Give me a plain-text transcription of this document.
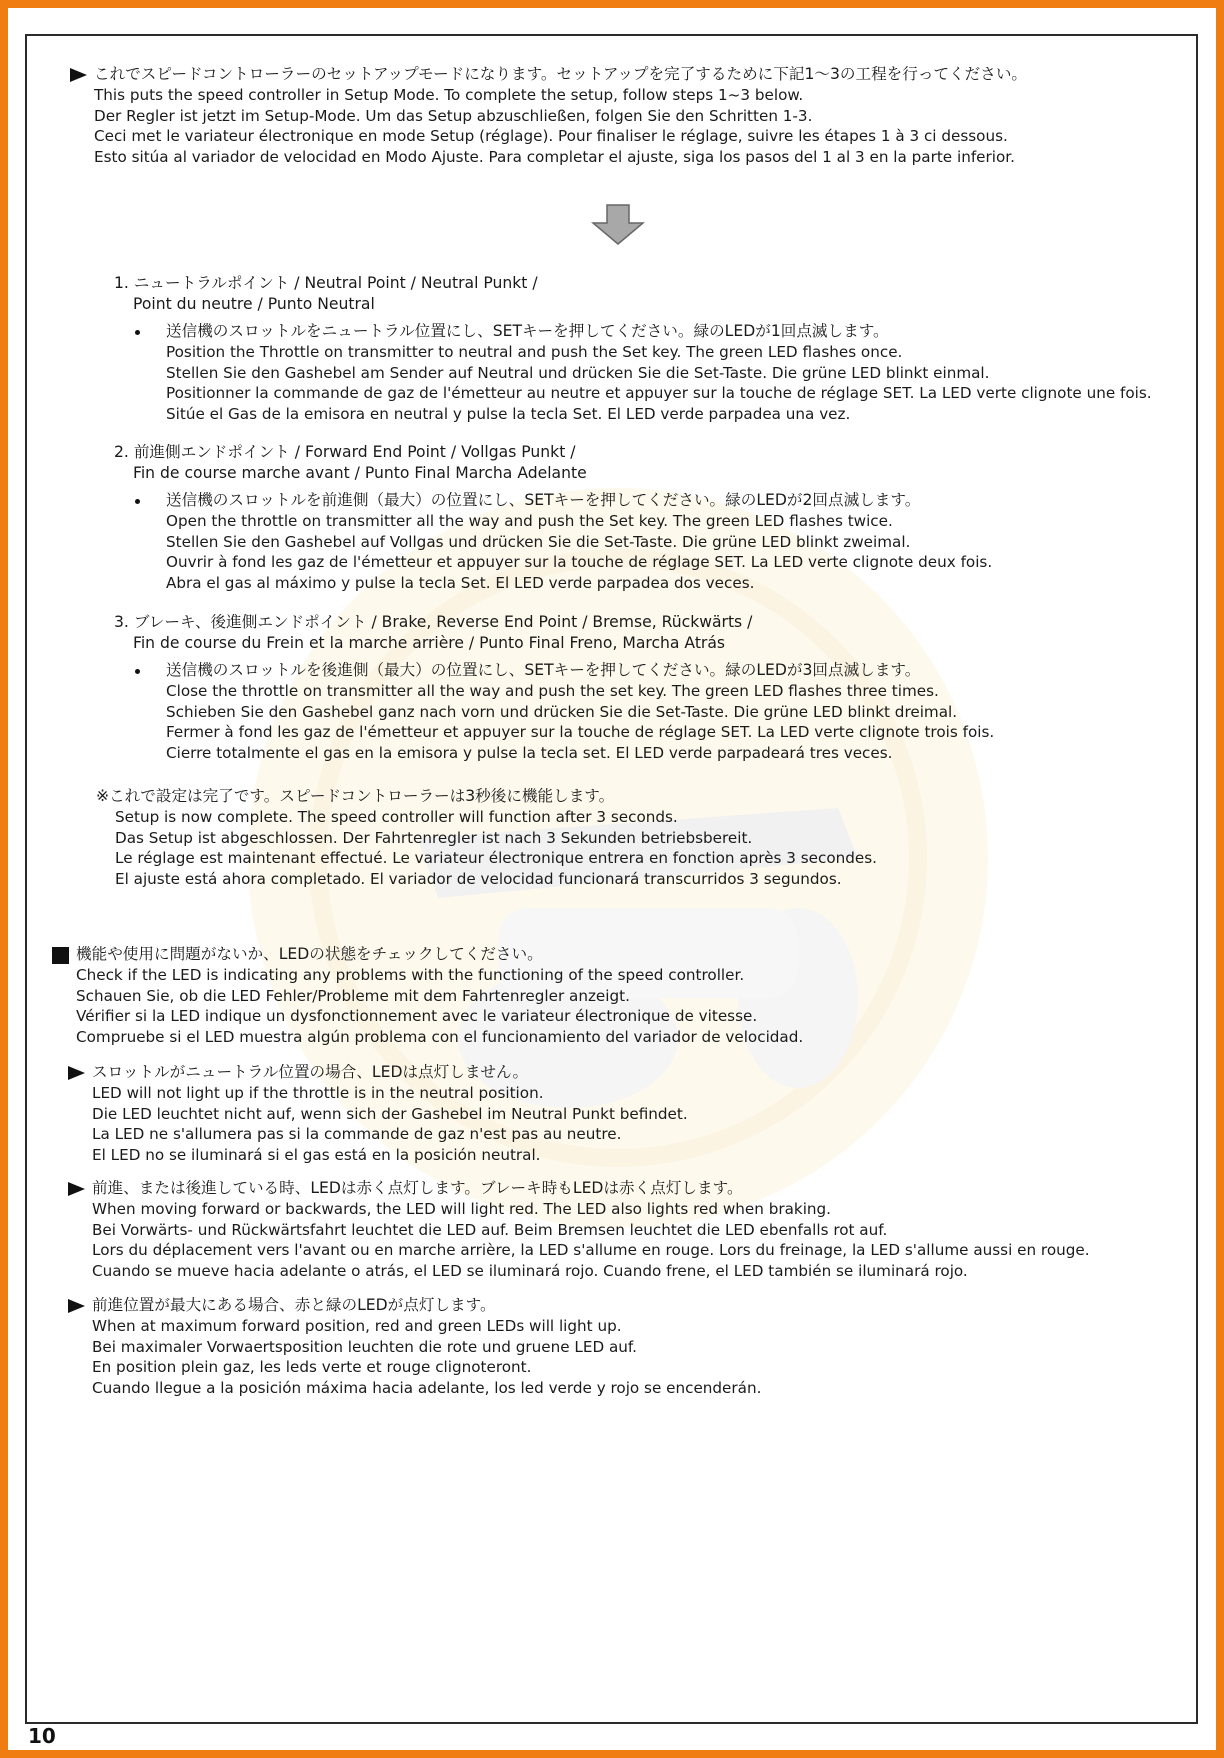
これでスピードコントローラーのセットアップモードになります。セットアップを完了するために下記1～3の工程を行ってください。
This puts the speed controller in Setup Mode. To complete the setup, follow steps 1~3 below.
Der Regler ist jetzt im Setup-Mode. Um das Setup abzuschließen, folgen Sie den Schritten 1-3.
Ceci met le variateur électronique en mode Setup (réglage). Pour finaliser le réglage, suivre les étapes 1 à 3 ci dessous.
Esto sitúa al variador de velocidad en Modo Ajuste. Para completar el ajuste, siga los pasos del 1 al 3 en la parte inferior.
1. ニュートラルポイント / Neutral Point / Neutral Punkt /
Point du neutre / Punto Neutral
送信機のスロットルをニュートラル位置にし、SETキーを押してください。緑のLEDが1回点滅します。
Position the Throttle on transmitter to neutral and push the Set key. The green LED flashes once.
Stellen Sie den Gashebel am Sender auf Neutral und drücken Sie die Set-Taste. Die grüne LED blinkt einmal.
Positionner la commande de gaz de l'émetteur au neutre et appuyer sur la touche de réglage SET. La LED verte clignote une fois.
Sitúe el Gas de la emisora en neutral y pulse la tecla Set. El LED verde parpadea una vez.
2. 前進側エンドポイント / Forward End Point / Vollgas Punkt /
Fin de course marche avant / Punto Final Marcha Adelante
送信機のスロットルを前進側（最大）の位置にし、SETキーを押してください。緑のLEDが2回点滅します。
Open the throttle on transmitter all the way and push the Set key. The green LED flashes twice.
Stellen Sie den Gashebel auf Vollgas und drücken Sie die Set-Taste. Die grüne LED blinkt zweimal.
Ouvrir à fond les gaz de l'émetteur et appuyer sur la touche de réglage SET. La LED verte clignote deux fois.
Abra el gas al máximo y pulse la tecla Set. El LED verde parpadea dos veces.
3. ブレーキ、後進側エンドポイント / Brake, Reverse End Point / Bremse, Rückwärts /
Fin de course du Frein et la marche arrière / Punto Final Freno, Marcha Atrás
送信機のスロットルを後進側（最大）の位置にし、SETキーを押してください。緑のLEDが3回点滅します。
Close the throttle on transmitter all the way and push the set key. The green LED flashes three times.
Schieben Sie den Gashebel ganz nach vorn und drücken Sie die Set-Taste. Die grüne LED blinkt dreimal.
Fermer à fond les gaz de l'émetteur et appuyer sur la touche de réglage SET. La LED verte clignote trois fois.
Cierre totalmente el gas en la emisora y pulse la tecla set. El LED verde parpadeará tres veces.
※これで設定は完了です。スピードコントローラーは3秒後に機能します。
Setup is now complete. The speed controller will function after 3 seconds.
Das Setup ist abgeschlossen. Der Fahrtenregler ist nach 3 Sekunden betriebsbereit.
Le réglage est maintenant effectué. Le variateur électronique entrera en fonction après 3 secondes.
El ajuste está ahora completado. El variador de velocidad funcionará transcurridos 3 segundos.
機能や使用に問題がないか、LEDの状態をチェックしてください。
Check if the LED is indicating any problems with the functioning of the speed controller.
Schauen Sie, ob die LED Fehler/Probleme mit dem Fahrtenregler anzeigt.
Vérifier si la LED indique un dysfonctionnement avec le variateur électronique de vitesse.
Compruebe si el LED muestra algún problema con el funcionamiento del variador de velocidad.
スロットルがニュートラル位置の場合、LEDは点灯しません。
LED will not light up if the throttle is in the neutral position.
Die LED leuchtet nicht auf, wenn sich der Gashebel im Neutral Punkt befindet.
La LED ne s'allumera pas si la commande de gaz n'est pas au neutre.
El LED no se iluminará si el gas está en la posición neutral.
前進、または後進している時、LEDは赤く点灯します。ブレーキ時もLEDは赤く点灯します。
When moving forward or backwards, the LED will light red. The LED also lights red when braking.
Bei Vorwärts- und Rückwärtsfahrt leuchtet die LED auf. Beim Bremsen leuchtet die LED ebenfalls rot auf.
Lors du déplacement vers l'avant ou en marche arrière, la LED s'allume en rouge. Lors du freinage, la LED s'allume aussi en rouge.
Cuando se mueve hacia adelante o atrás, el LED se iluminará rojo. Cuando frene, el LED también se iluminará rojo.
前進位置が最大にある場合、赤と緑のLEDが点灯します。
When at maximum forward position, red and green LEDs will light up.
Bei maximaler Vorwaertsposition leuchten die rote und gruene LED auf.
En position plein gaz, les leds verte et rouge clignoteront.
Cuando llegue a la posición máxima hacia adelante, los led verde y rojo se encenderán.
10
